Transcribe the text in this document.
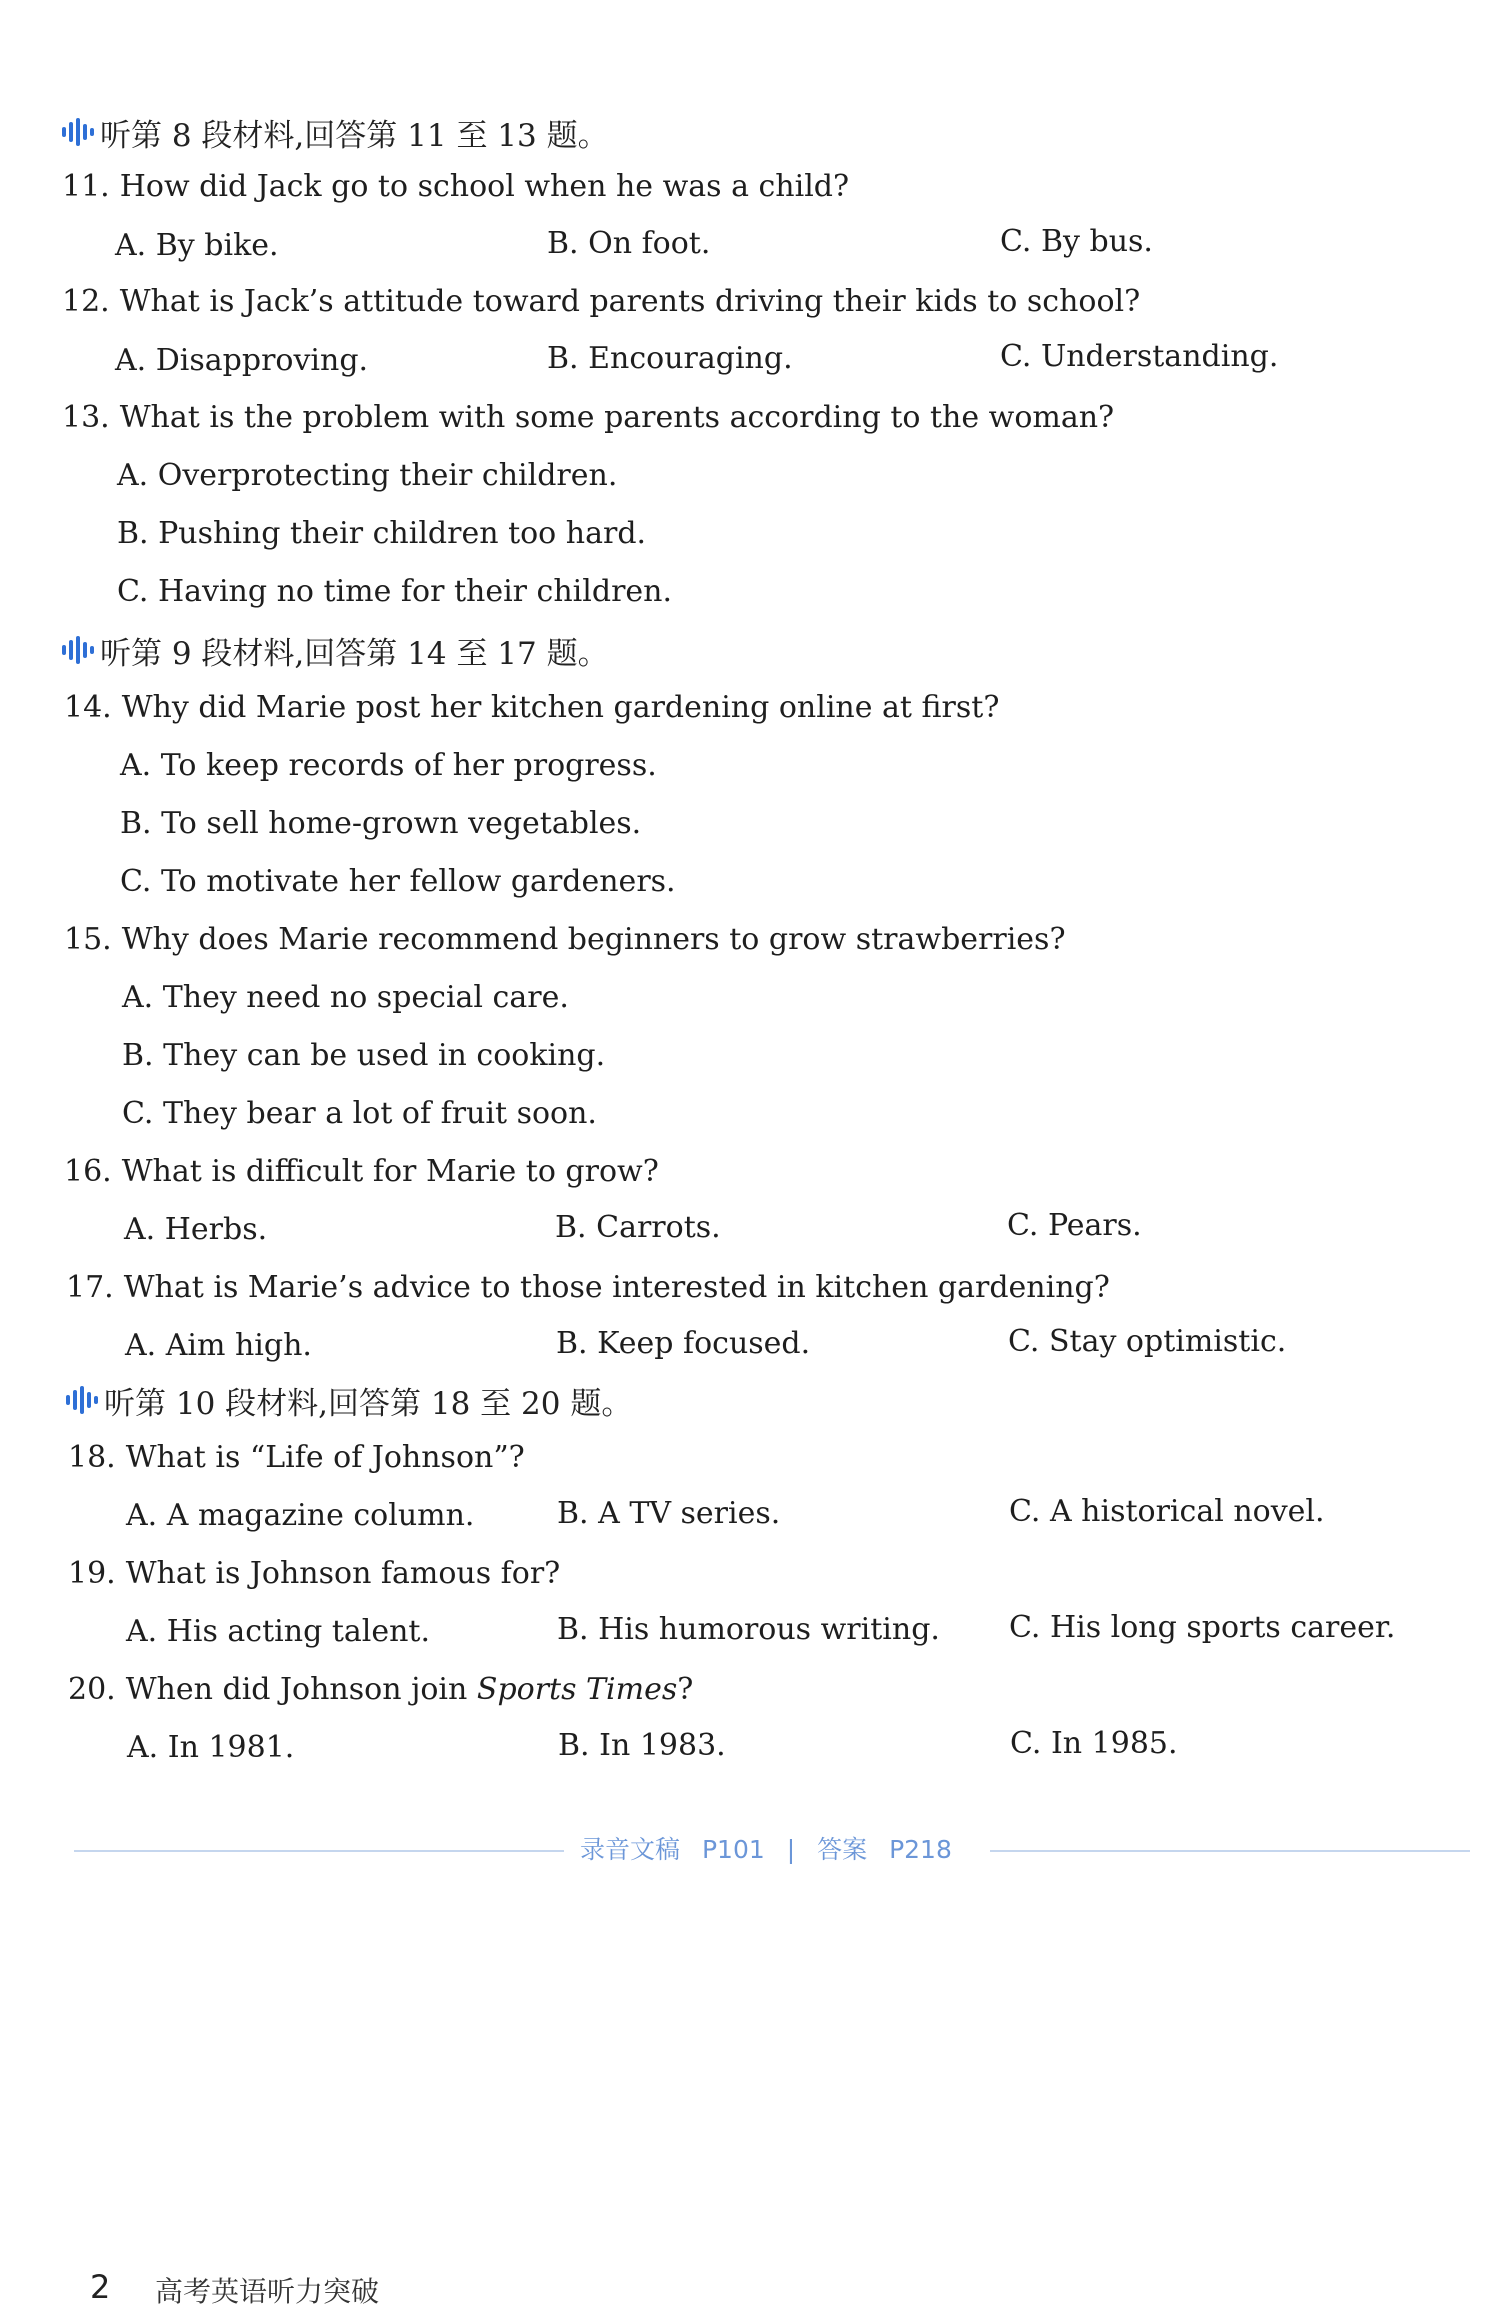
听第 8 段材料,回答第 11 至 13 题。
11. How did Jack go to school when he was a child?
A. By bike.	B. On foot.	C. By bus.
12. What is Jack’s attitude toward parents driving their kids to school?
A. Disapproving.	B. Encouraging.	C. Understanding.
13. What is the problem with some parents according to the woman?
A. Overprotecting their children.
B. Pushing their children too hard.
C. Having no time for their children.
听第 9 段材料,回答第 14 至 17 题。
14. Why did Marie post her kitchen gardening online at first?
A. To keep records of her progress.
B. To sell home-grown vegetables.
C. To motivate her fellow gardeners.
15. Why does Marie recommend beginners to grow strawberries?
A. They need no special care.
B. They can be used in cooking.
C. They bear a lot of fruit soon.
16. What is difficult for Marie to grow?
A. Herbs.	B. Carrots.	C. Pears.
17. What is Marie’s advice to those interested in kitchen gardening?
A. Aim high.	B. Keep focused.	C. Stay optimistic.
听第 10 段材料,回答第 18 至 20 题。
18. What is “Life of Johnson”?
A. A magazine column.	B. A TV series.	C. A historical novel.
19. What is Johnson famous for?
A. His acting talent.	B. His humorous writing. C. His long sports career.
20. When did Johnson join Sports Times?
A. In 1981.	B. In 1983.	C. In 1985.
录音文稿 P101 | 答案 P218
2 高考英语听力突破
